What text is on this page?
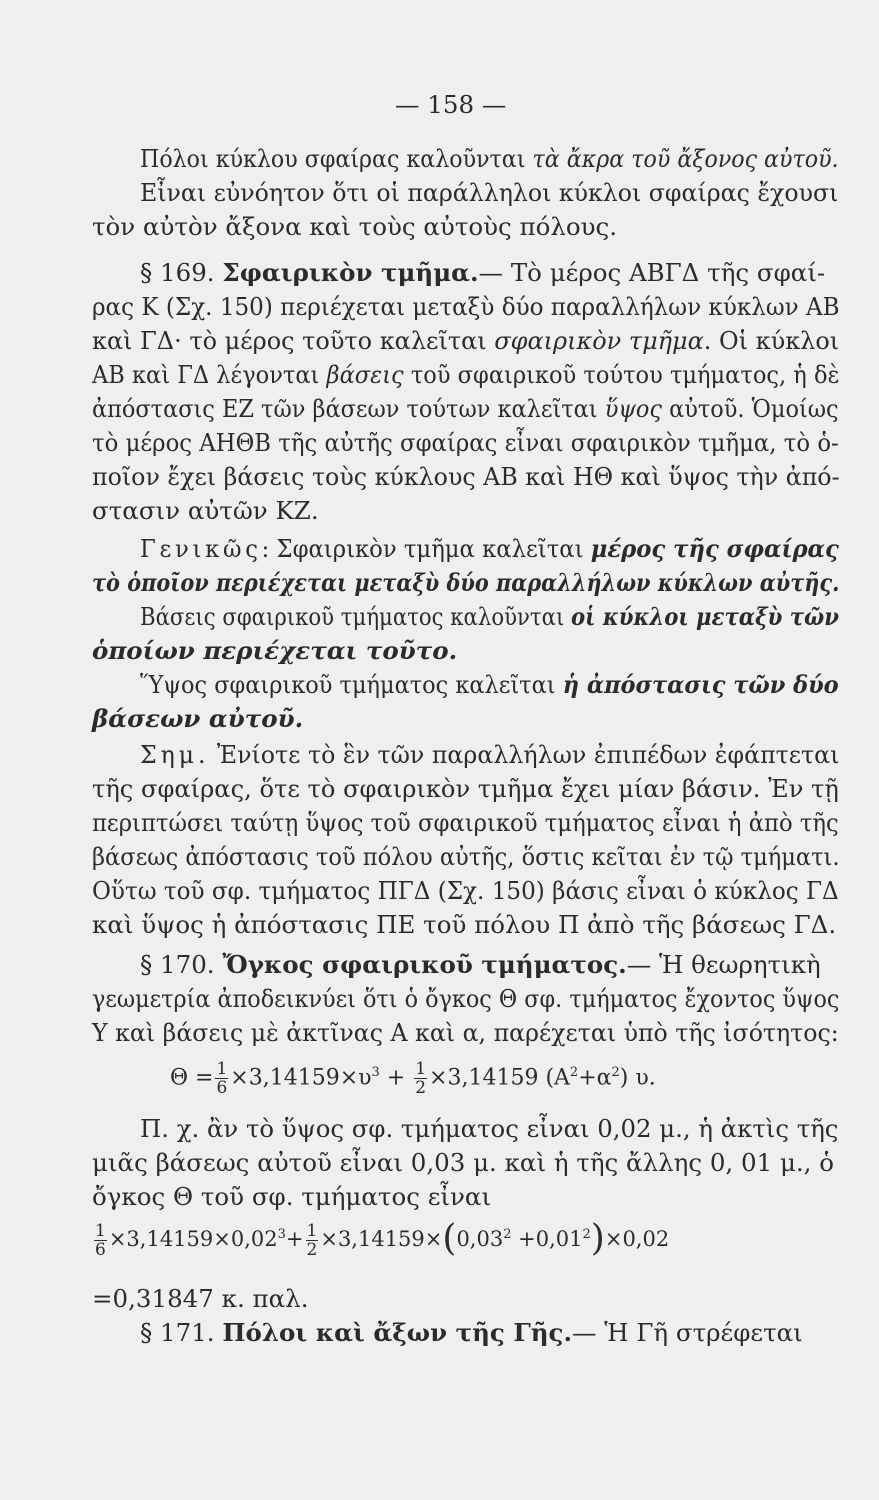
— 158 —
Πόλοι κύκλου σφαίρας καλοῦνται τὰ ἄκρα τοῦ ἄξονος αὐτοῦ.
Εἶναι εὐνόητον ὅτι οἱ παράλληλοι κύκλοι σφαίρας ἔχουσι
τὸν αὐτὸν ἄξονα καὶ τοὺς αὐτοὺς πόλους.
§ 169. Σφαιρικὸν τμῆμα.— Τὸ μέρος ΑΒΓΔ τῆς σφαί-
ρας Κ (Σχ. 150) περιέχεται μεταξὺ δύο παραλλήλων κύκλων ΑΒ
καὶ ΓΔ· τὸ μέρος τοῦτο καλεῖται σφαιρικὸν τμῆμα. Οἱ κύκλοι
ΑΒ καὶ ΓΔ λέγονται βάσεις τοῦ σφαιρικοῦ τούτου τμήματος, ἡ δὲ
ἀπόστασις ΕΖ τῶν βάσεων τούτων καλεῖται ὕψος αὐτοῦ. Ὁμοίως
τὸ μέρος ΑΗΘΒ τῆς αὐτῆς σφαίρας εἶναι σφαιρικὸν τμῆμα, τὸ ὁ-
ποῖον ἔχει βάσεις τοὺς κύκλους ΑΒ καὶ ΗΘ καὶ ὕψος τὴν ἀπό-
στασιν αὐτῶν ΚΖ.
Γενικῶς: Σφαιρικὸν τμῆμα καλεῖται μέρος τῆς σφαίρας
τὸ ὁποῖον περιέχεται μεταξὺ δύο παραλλήλων κύκλων αὐτῆς.
Βάσεις σφαιρικοῦ τμήματος καλοῦνται οἱ κύκλοι μεταξὺ τῶν
ὁποίων περιέχεται τοῦτο.
Ὕψος σφαιρικοῦ τμήματος καλεῖται ἡ ἀπόστασις τῶν δύο
βάσεων αὐτοῦ.
Σημ. Ἐνίοτε τὸ ἓν τῶν παραλλήλων ἐπιπέδων ἐφάπτεται
τῆς σφαίρας, ὅτε τὸ σφαιρικὸν τμῆμα ἔχει μίαν βάσιν. Ἐν τῇ
περιπτώσει ταύτῃ ὕψος τοῦ σφαιρικοῦ τμήματος εἶναι ἡ ἀπὸ τῆς
βάσεως ἀπόστασις τοῦ πόλου αὐτῆς, ὅστις κεῖται ἐν τῷ τμήματι.
Οὕτω τοῦ σφ. τμήματος ΠΓΔ (Σχ. 150) βάσις εἶναι ὁ κύκλος ΓΔ
καὶ ὕψος ἡ ἀπόστασις ΠΕ τοῦ πόλου Π ἀπὸ τῆς βάσεως ΓΔ.
§ 170. Ὄγκος σφαιρικοῦ τμήματος.— Ἡ θεωρητικὴ
γεωμετρία ἀποδεικνύει ὅτι ὁ ὄγκος Θ σφ. τμήματος ἔχοντος ὕψος
Υ καὶ βάσεις μὲ ἀκτῖνας Α καὶ α, παρέχεται ὑπὸ τῆς ἰσότητος:
$\Theta = \frac{1}{6} \times 3,14159\times\upsilon^3 + \frac{1}{2} \times 3,14159$ $(A^2+\alpha^2)$ υ.
Π. χ. ἂν τὸ ὕψος σφ. τμήματος εἶναι 0,02 μ., ἡ ἀκτὶς τῆς
μιᾶς βάσεως αὐτοῦ εἶναι 0,03 μ. καὶ ἡ τῆς ἄλλης 0, 01 μ., ὁ
ὄγκος Θ τοῦ σφ. τμήματος εἶναι
$\frac{1}{6} \times 3,14159\times 0,02^3+ \frac{1}{2} \times 3,14159\times(0,03^2 +0,01^2)\times 0,02$
=0,31847 κ. παλ.
§ 171. Πόλοι καὶ ἄξων τῆς Γῆς.— Ἡ Γῆ στρέφεται
